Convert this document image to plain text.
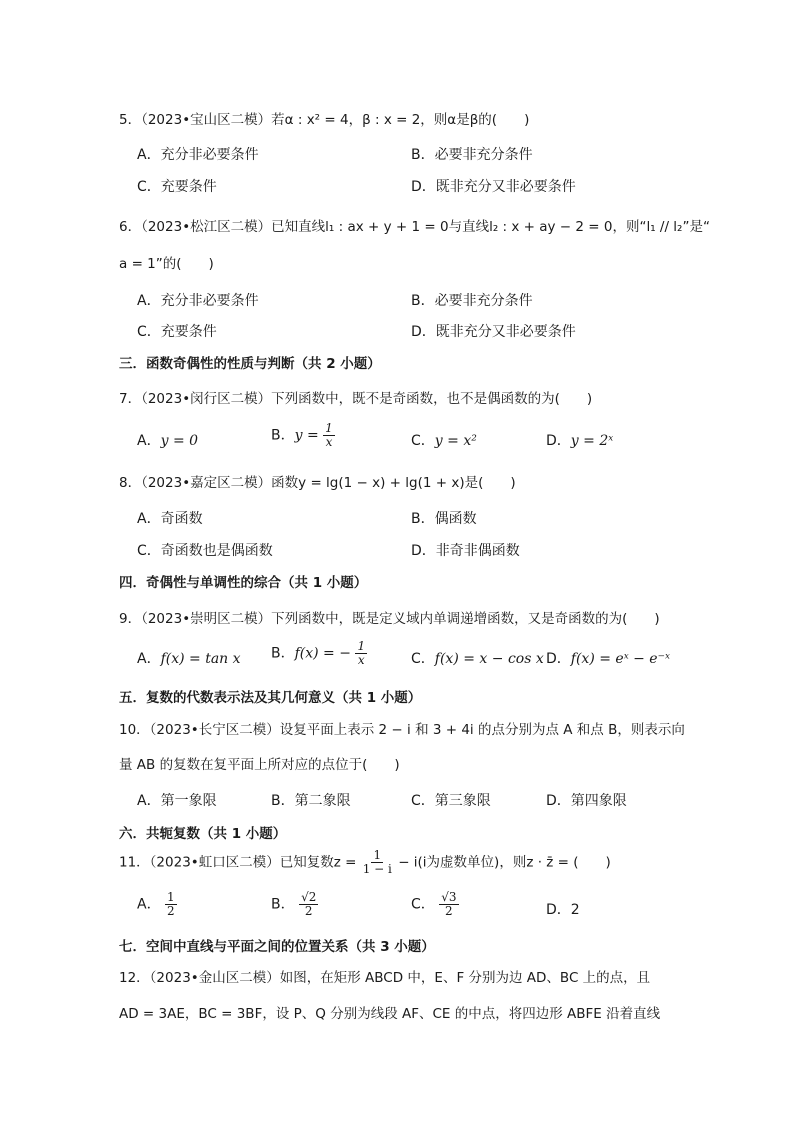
5．（2023•宝山区二模）若α : x² = 4，β : x = 2，则α是β的(　　)
A．充分非必要条件	B．必要非充分条件
C．充要条件	D．既非充分又非必要条件
6．（2023•松江区二模）已知直线l₁ : ax + y + 1 = 0与直线l₂ : x + ay − 2 = 0，则“l₁ // l₂”是“
a = 1”的(　　)
A．充分非必要条件	B．必要非充分条件
C．充要条件	D．既非充分又非必要条件
三．函数奇偶性的性质与判断（共 2 小题）
7．（2023•闵行区二模）下列函数中，既不是奇函数，也不是偶函数的为(　　)
A．y = 0	B．$y = \frac{1}{x}$	C．y = x²	D．y = 2ˣ
8．（2023•嘉定区二模）函数y = lg(1 − x) + lg(1 + x)是(　　)
A．奇函数	B．偶函数
C．奇函数也是偶函数	D．非奇非偶函数
四．奇偶性与单调性的综合（共 1 小题）
9．（2023•崇明区二模）下列函数中，既是定义域内单调递增函数，又是奇函数的为(　　)
A．f(x) = tan x B．f(x) = − $\frac{1}{x}$	C．f(x) = x − cos x D．f(x) = eˣ − e⁻ˣ
五．复数的代数表示法及其几何意义（共 1 小题）
10．（2023•长宁区二模）设复平面上表示 2 − i 和 3 + 4i 的点分别为点 A 和点 B，则表示向
量 AB 的复数在复平面上所对应的点位于(　　)
A．第一象限	B．第二象限	C．第三象限	D．第四象限
六．共轭复数（共 1 小题）
11．（2023•虹口区二模）已知复数$z = \frac{1}{1 - i} - i(i$为虚数单位)，则z · z̄ = (　　)
A． $\frac{1}{2}$	B． $\frac{√2}{2}$	C． $\frac{√3}{2}$	D．2
七．空间中直线与平面之间的位置关系（共 3 小题）
12．（2023•金山区二模）如图，在矩形 ABCD 中，E、F 分别为边 AD、BC 上的点，且
AD = 3AE，BC = 3BF，设 P、Q 分别为线段 AF、CE 的中点，将四边形 ABFE 沿着直线
